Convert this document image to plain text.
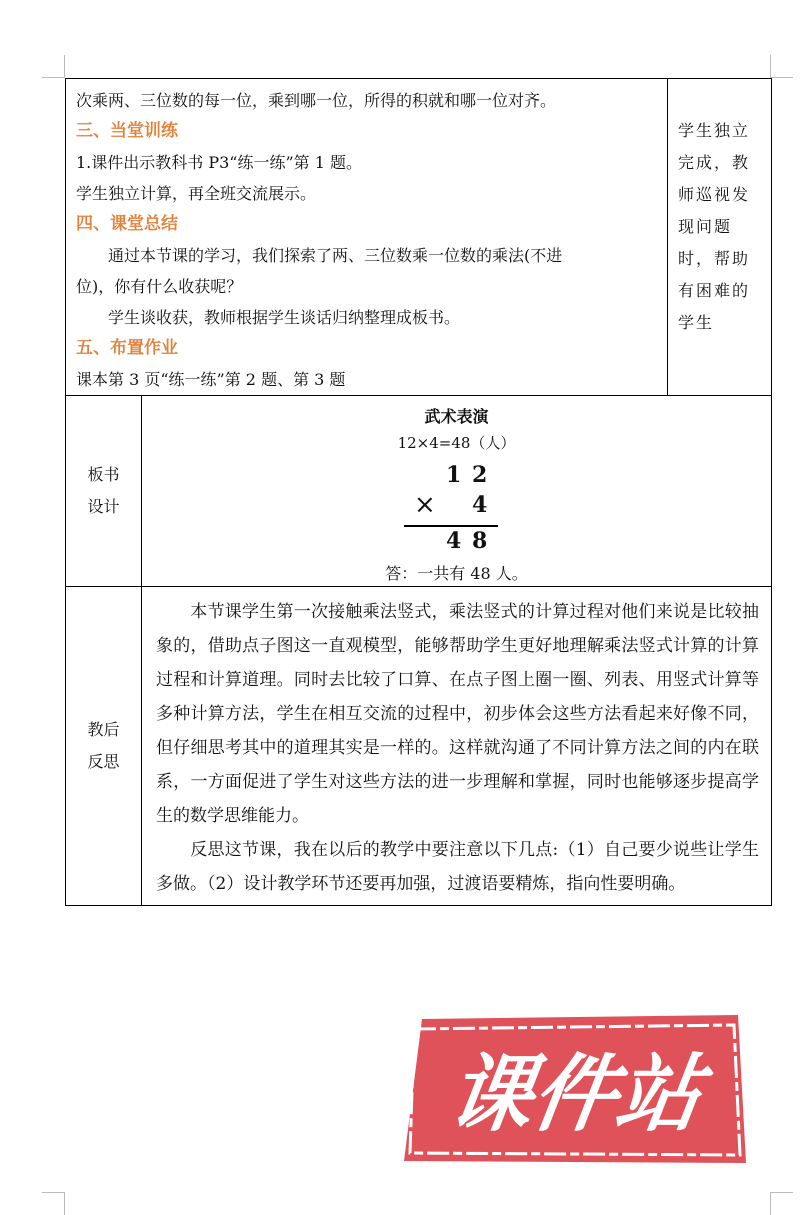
次乘两、三位数的每一位，乘到哪一位，所得的积就和哪一位对齐。
三、当堂训练
1.课件出示教科书 P3“练一练”第 1 题。
学生独立计算，再全班交流展示。
四、课堂总结
通过本节课的学习，我们探索了两、三位数乘一位数的乘法(不进
位)，你有什么收获呢？
学生谈收获，教师根据学生谈话归纳整理成板书。
五、布置作业
课本第 3 页“练一练”第 2 题、第 3 题
学生独立
完成，教
师巡视发
现问题
时，帮助
有困难的
学生
板书
设计
武术表演
12×4=48（人）
1 2
× 4
4 8
答：一共有 48 人。
教后
反思

本节课学生第一次接触乘法竖式，乘法竖式的计算过程对他们来说是比较抽象的，借助点子图这一直观模型，能够帮助学生更好地理解乘法竖式计算的计算过程和计算道理。同时去比较了口算、在点子图上圈一圈、列表、用竖式计算等多种计算方法，学生在相互交流的过程中，初步体会这些方法看起来好像不同，但仔细思考其中的道理其实是一样的。这样就沟通了不同计算方法之间的内在联系，一方面促进了学生对这些方法的进一步理解和掌握，同时也能够逐步提高学生的数学思维能力。

反思这节课，我在以后的教学中要注意以下几点:（1）自己要少说些让学生多做。（2）设计教学环节还要再加强，过渡语要精炼，指向性要明确。

课件站
